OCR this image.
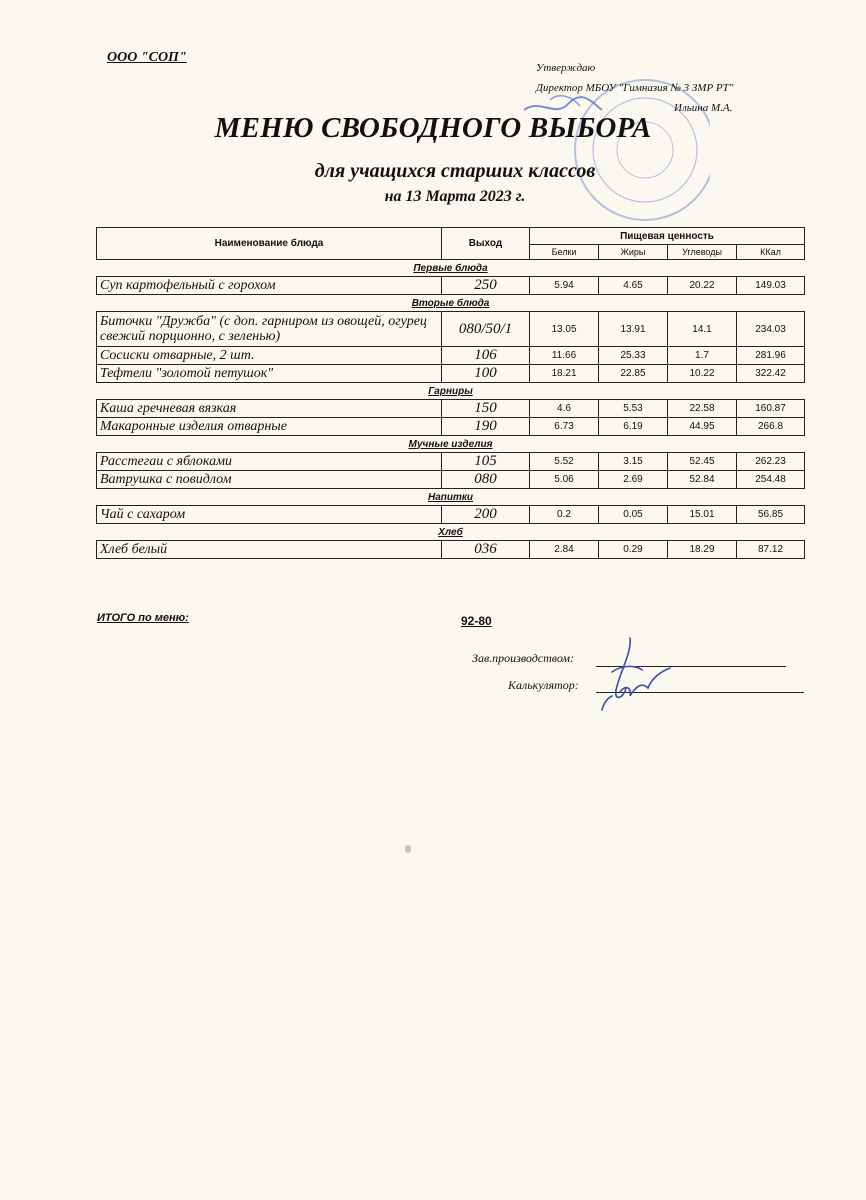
ООО "СОП"
Утверждаю
Директор МБОУ "Гимназия № 3 ЗМР РТ"
Ильина М.А.
МЕНЮ СВОБОДНОГО ВЫБОРА
для учащихся старших классов
на 13 Марта 2023 г.
Наименование блюда	Выход	Пищевая ценность			
		Белки	Жиры	Углеводы	ККал
Первые блюда					
Суп картофельный с горохом	250	5.94	4.65	20.22	149.03
Вторые блюда					
Биточки "Дружба" (с доп. гарниром из овощей, огурец свежий порционно, с зеленью)	080/50/1	13.05	13.91	14.1	234.03
Сосиски отварные, 2 шт.	106	11.66	25.33	1.7	281.96
Тефтели "золотой петушок"	100	18.21	22.85	10.22	322.42
Гарниры					
Каша гречневая вязкая	150	4.6	5.53	22.58	160.87
Макаронные изделия отварные	190	6.73	6.19	44.95	266.8
Мучные изделия					
Расстегаи с яблоками	105	5.52	3.15	52.45	262.23
Ватрушка с повидлом	080	5.06	2.69	52.84	254.48
Напитки					
Чай с сахаром	200	0.2	0.05	15.01	56.85
Хлеб					
Хлеб белый	036	2.84	0.29	18.29	87.12
ИТОГО по меню:	92-80
Зав.производством:
Калькулятор:
